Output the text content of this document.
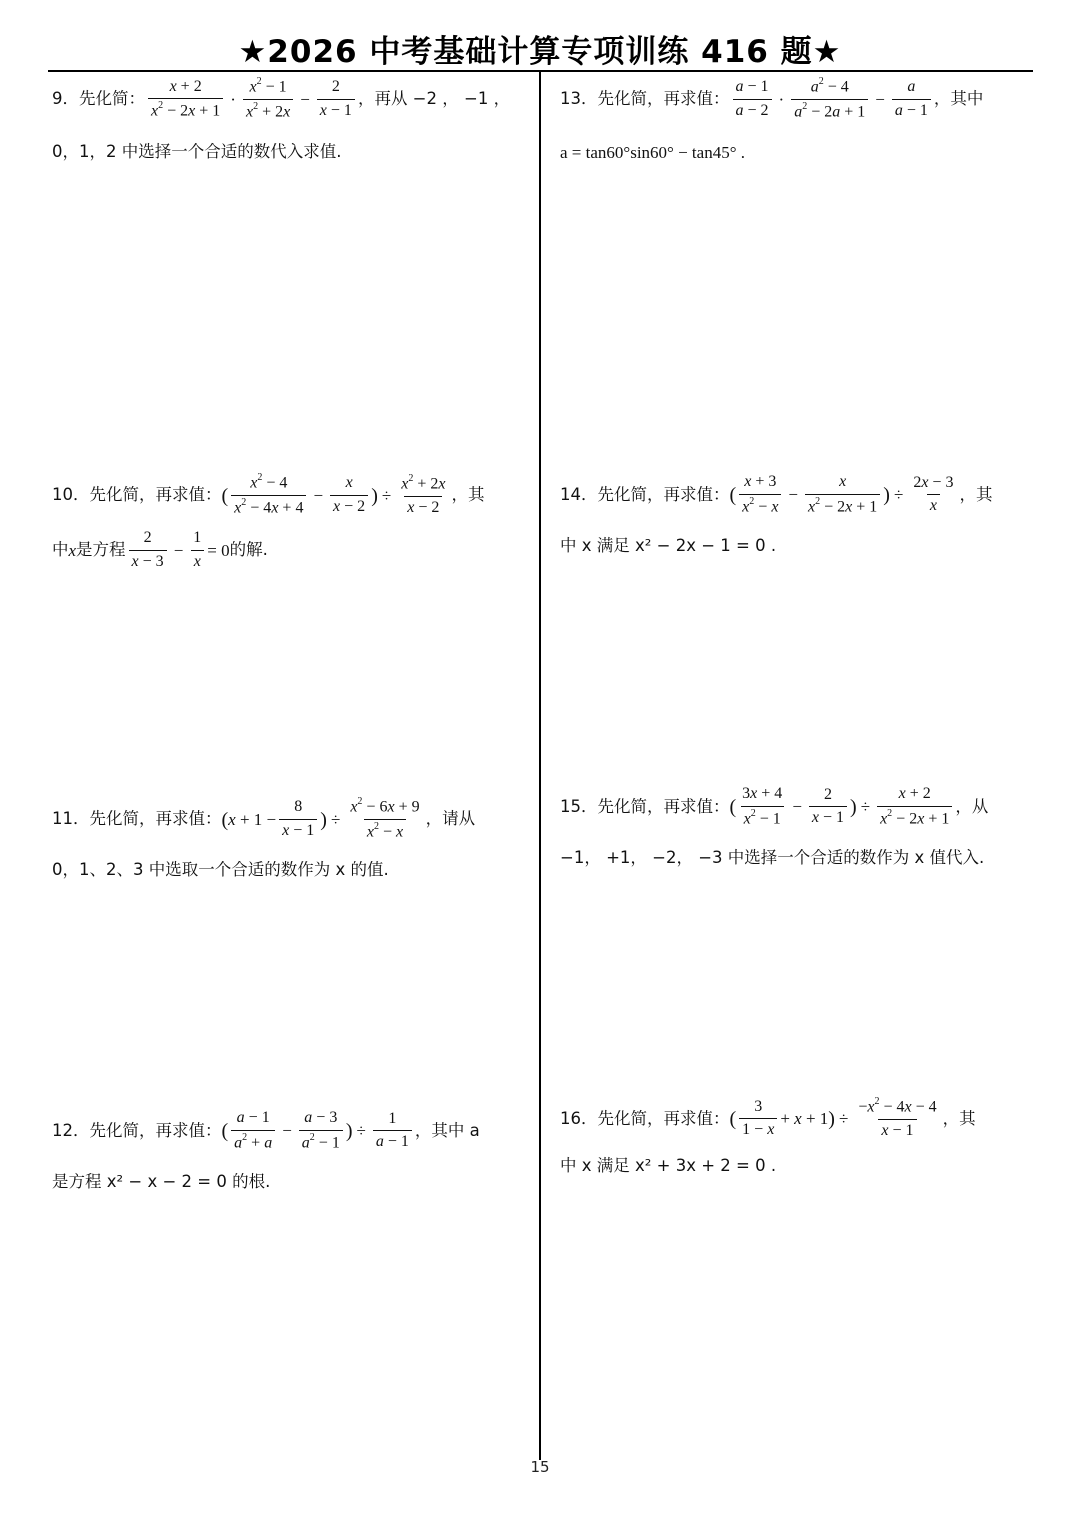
★2026 中考基础计算专项训练 416 题★
9． 先化简： $\frac{x + 2}{x^2 - 2x + 1} \cdot \frac{x^2 - 1}{x^2 + 2x} - \frac{2}{x - 1}$ ，再从 −2 ， −1 ，
0，1，2 中选择一个合适的数代入求值.
10． 先化简，再求值： ( $\frac{x^2 - 4}{x^2 - 4x + 4} - \frac{x}{x - 2}$ ) ÷ $\frac{x^2 + 2x}{x - 2}$ ，其
中 x 是方程 $\frac{2}{x - 3} - \frac{1}{x} = 0$ 的解.
11． 先化简，再求值： ( $x + 1 - \frac{8}{x - 1}$ ) ÷ $\frac{x^2 - 6x + 9}{x^2 - x}$ ，请从
0，1、2、3 中选取一个合适的数作为 x 的值.
12． 先化简，再求值： ( $\frac{a - 1}{a^2 + a} - \frac{a - 3}{a^2 - 1}$ ) ÷ $\frac{1}{a - 1}$ ，其中 a
是方程 x² − x − 2 = 0 的根.
13． 先化简，再求值： $\frac{a - 1}{a - 2} \cdot \frac{a^2 - 4}{a^2 - 2a + 1} - \frac{a}{a - 1}$ ，其中
a = tan60°sin60° − tan45° .
14． 先化简，再求值： ( $\frac{x + 3}{x^2 - x} - \frac{x}{x^2 - 2x + 1}$ ) ÷ $\frac{2x - 3}{x}$ ，其
中 x 满足 x² − 2x − 1 = 0 .
15． 先化简，再求值： ( $\frac{3x + 4}{x^2 - 1} - \frac{2}{x - 1}$ ) ÷ $\frac{x + 2}{x^2 - 2x + 1}$ ，从
−1， +1， −2， −3 中选择一个合适的数作为 x 值代入.
16． 先化简，再求值： ( $\frac{3}{1 - x} + x + 1$ ) ÷ $\frac{-x^2 - 4x - 4}{x - 1}$ ，其
中 x 满足 x² + 3x + 2 = 0 .
15
